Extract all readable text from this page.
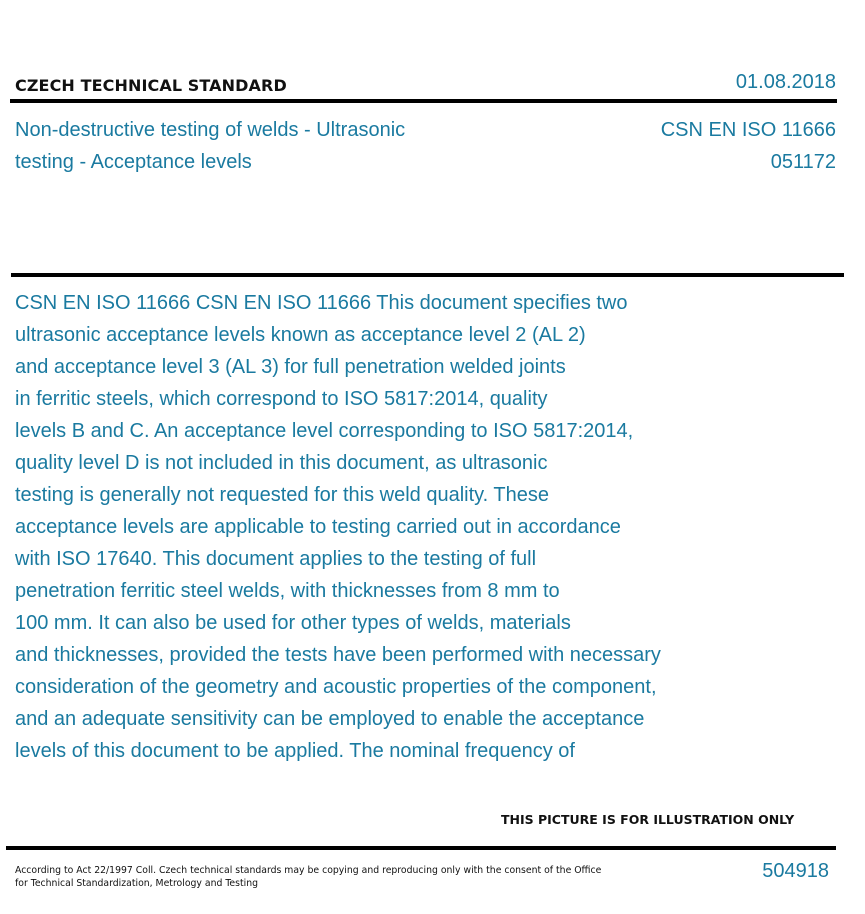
CZECH TECHNICAL STANDARD	01.08.2018
Non-destructive testing of welds - Ultrasonic
testing - Acceptance levels
CSN EN ISO 11666
051172
CSN EN ISO 11666 CSN EN ISO 11666 This document specifies two
ultrasonic acceptance levels known as acceptance level 2 (AL 2)
and acceptance level 3 (AL 3) for full penetration welded joints
in ferritic steels, which correspond to ISO 5817:2014, quality
levels B and C. An acceptance level corresponding to ISO 5817:2014,
quality level D is not included in this document, as ultrasonic
testing is generally not requested for this weld quality. These
acceptance levels are applicable to testing carried out in accordance
with ISO 17640. This document applies to the testing of full
penetration ferritic steel welds, with thicknesses from 8 mm to
100 mm. It can also be used for other types of welds, materials
and thicknesses, provided the tests have been performed with necessary
consideration of the geometry and acoustic properties of the component,
and an adequate sensitivity can be employed to enable the acceptance
levels of this document to be applied. The nominal frequency of
THIS PICTURE IS FOR ILLUSTRATION ONLY
According to Act 22/1997 Coll. Czech technical standards may be copying and reproducing only with the consent of the Office
for Technical Standardization, Metrology and Testing
504918
